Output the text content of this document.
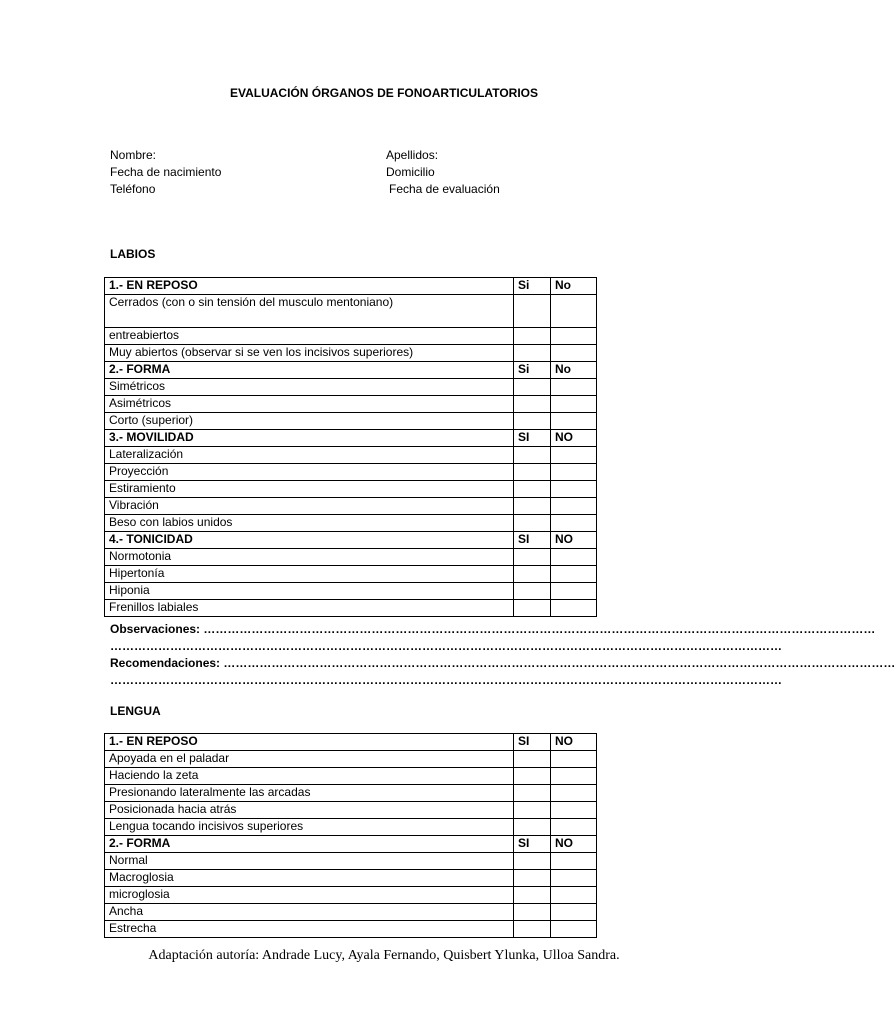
EVALUACIÓN ÓRGANOS DE FONOARTICULATORIOS
Nombre:
Fecha de nacimiento
Teléfono
Apellidos:
Domicilio
Fecha de evaluación
LABIOS
1.- EN REPOSO	Si	No
Cerrados (con o sin tensión del musculo mentoniano)		
entreabiertos		
Muy abiertos (observar si se ven los incisivos superiores)		
2.- FORMA	Si	No
Simétricos		
Asimétricos		
Corto (superior)		
3.- MOVILIDAD	SI	NO
Lateralización		
Proyección		
Estiramiento		
Vibración		
Beso con labios unidos		
4.- TONICIDAD	SI	NO
Normotonia		
Hipertonía		
Hiponia		
Frenillos labiales		
Observaciones: ……………………………………………………………………………………………………………………………………………………
……………………………………………………………………………………………………………………………………………………
Recomendaciones: ……………………………………………………………………………………………………………………………………………………
……………………………………………………………………………………………………………………………………………………
LENGUA
1.- EN REPOSO	SI	NO
Apoyada en el paladar		
Haciendo la zeta		
Presionando lateralmente las arcadas		
Posicionada hacia atrás		
Lengua tocando incisivos superiores		
2.- FORMA	SI	NO
Normal		
Macroglosia		
microglosia		
Ancha		
Estrecha		
Adaptación autoría: Andrade Lucy, Ayala Fernando, Quisbert Ylunka, Ulloa Sandra.
